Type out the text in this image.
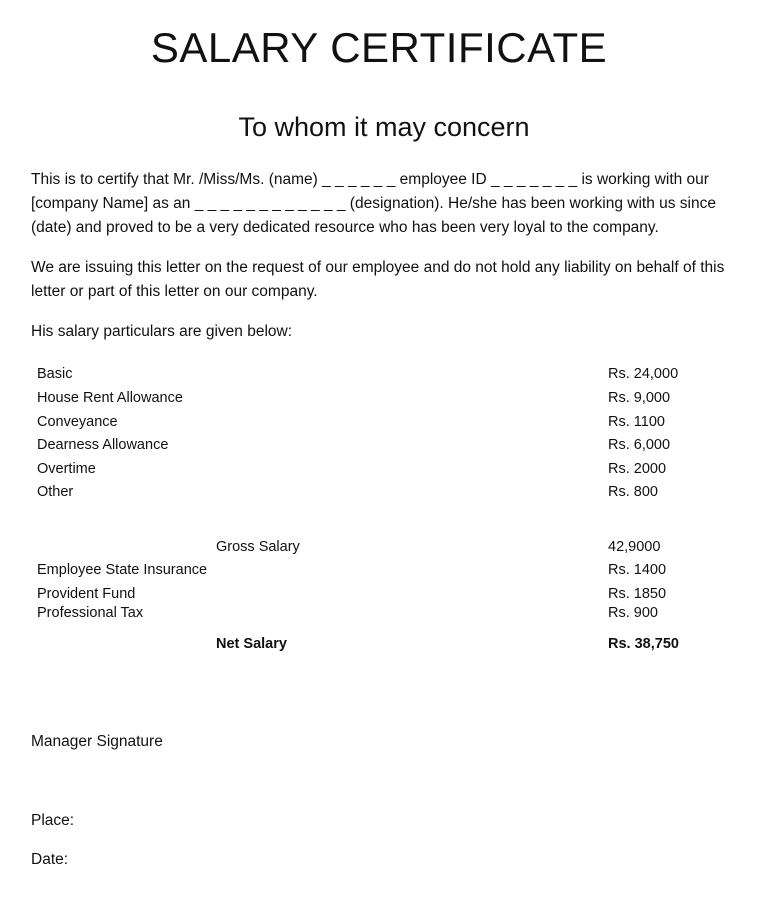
SALARY CERTIFICATE
To whom it may concern
This is to certify that Mr. /Miss/Ms. (name) _ _ _ _ _ _ employee ID _ _ _ _ _ _ _ is working with our [company Name] as an _ _ _ _ _ _ _ _ _ _ _ _ (designation). He/she has been working with us since (date) and proved to be a very dedicated resource who has been very loyal to the company.
We are issuing this letter on the request of our employee and do not hold any liability on behalf of this letter or part of this letter on our company.
His salary particulars are given below:
Basic	Rs. 24,000
House Rent Allowance	Rs. 9,000
Conveyance	Rs. 1100
Dearness Allowance	Rs. 6,000
Overtime	Rs. 2000
Other	Rs. 800
Gross Salary	42,9000
Employee State Insurance	Rs. 1400
Provident Fund	Rs. 1850
Professional Tax	Rs. 900
Net Salary	Rs. 38,750
Manager Signature
Place:
Date:
